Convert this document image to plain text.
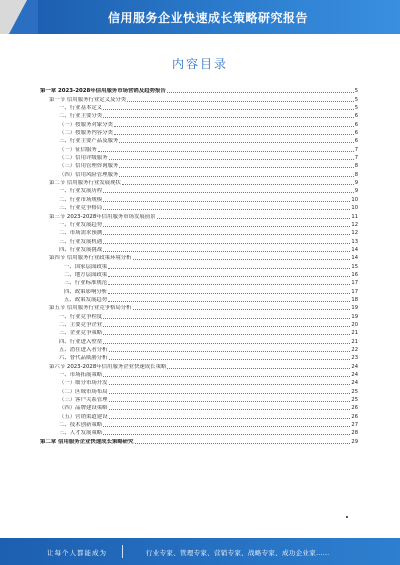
信用服务企业快速成长策略研究报告
内容目录
第一章 2023-2028年信用服务市场营销及趋势报告	5
第一节 信用服务行业定义及分类	5
一、行业基本定义	5
二、行业主要分类	6
（一）按服务对象分类	6
（二）按服务内容分类	6
三、行业主要产品及服务	6
（一）征信服务	7
（二）信用评级服务	7
（三）信用管理咨询服务	8
（四）信用风险管理服务	8
第二节 信用服务行业发展现状	9
一、行业发展历程	9
二、行业市场规模	10
三、行业竞争格局	10
第三节 2023-2028年信用服务市场发展前景	11
一、行业发展趋势	12
二、市场需求预测	12
三、行业发展机遇	13
四、行业发展挑战	14
第四节 信用服务行业政策环境分析	14
一、国家层面政策	15
二、地方层面政策	16
三、行业标准规范	17
四、政策影响分析	17
五、政策发展趋势	18
第五节 信用服务行业竞争格局分析	19
一、行业竞争程度	19
二、主要竞争企业	20
三、企业竞争策略	21
四、行业进入壁垒	21
五、潜在进入者分析	22
六、替代品威胁分析	23
第六节 2023-2028年信用服务企业快速成长策略	24
一、市场拓展策略	24
（一）细分市场开发	24
（二）区域市场布局	25
（三）客户关系管理	25
（四）品牌建设策略	26
（五）营销渠道建设	26
二、技术创新策略	27
三、人才发展策略	28
第二章 信用服务企业快速成长策略研究	29
让每个人都能成为	行业专家、管理专家、营销专家、战略专家、成功企业家……
